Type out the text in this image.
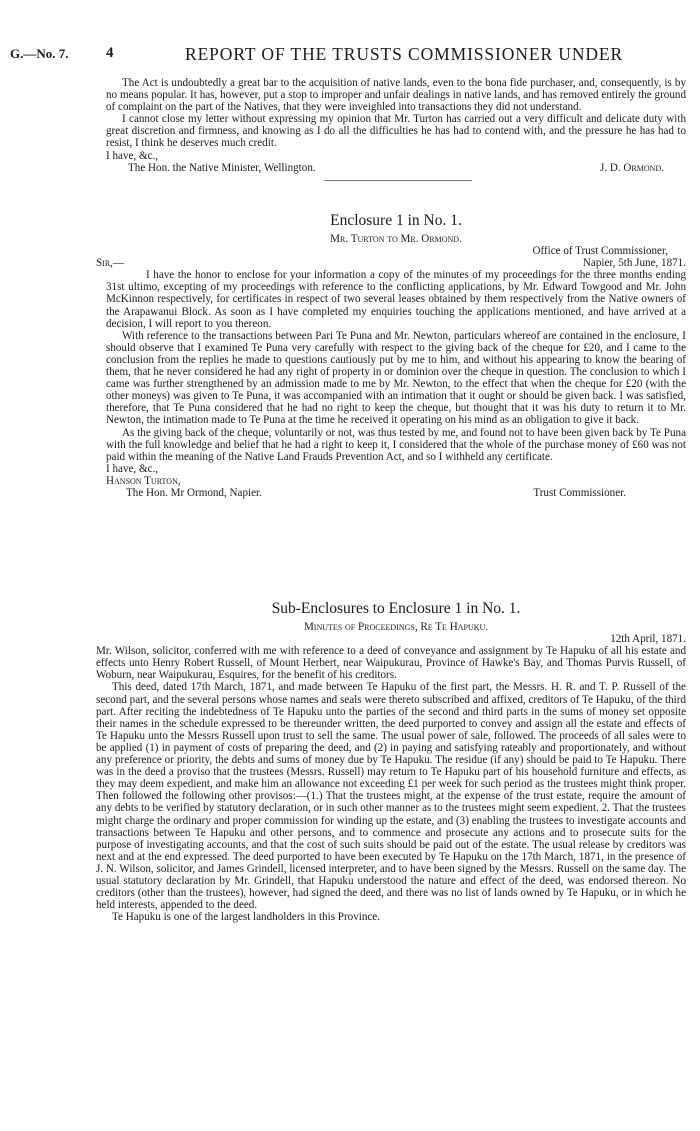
G.—No. 7.	4	REPORT OF THE TRUSTS COMMISSIONER UNDER

The Act is undoubtedly a great bar to the acquisition of native lands, even to the bona fide purchaser, and, consequently, is by no means popular. It has, however, put a stop to improper and unfair dealings in native lands, and has removed entirely the ground of complaint on the part of the Natives, that they were inveighled into transactions they did not understand.

I cannot close my letter without expressing my opinion that Mr. Turton has carried out a very difficult and delicate duty with great discretion and firmness, and knowing as I do all the difficulties he has had to contend with, and the pressure he has had to resist, I think he deserves much credit.

I have, &c.,

The Hon. the Native Minister, Wellington.	J. D. Ormond.
Enclosure 1 in No. 1.
Mr. Turton to Mr. Ormond.

Office of Trust Commissioner,

Sir,—	Napier, 5th June, 1871.

I have the honor to enclose for your information a copy of the minutes of my proceedings for the three months ending 31st ultimo, excepting of my proceedings with reference to the conflicting applications, by Mr. Edward Towgood and Mr. John McKinnon respectively, for certificates in respect of two several leases obtained by them respectively from the Native owners of the Arapawanui Block. As soon as I have completed my enquiries touching the applications mentioned, and have arrived at a decision, I will report to you thereon.

With reference to the transactions between Pari Te Puna and Mr. Newton, particulars whereof are contained in the enclosure, I should observe that I examined Te Puna very carefully with respect to the giving back of the cheque for £20, and I came to the conclusion from the replies he made to questions cautiously put by me to him, and without his appearing to know the bearing of them, that he never considered he had any right of property in or dominion over the cheque in question. The conclusion to which I came was further strengthened by an admission made to me by Mr. Newton, to the effect that when the cheque for £20 (with the other moneys) was given to Te Puna, it was accompanied with an intimation that it ought or should be given back. I was satisfied, therefore, that Te Puna considered that he had no right to keep the cheque, but thought that it was his duty to return it to Mr. Newton, the intimation made to Te Puna at the time he received it operating on his mind as an obligation to give it back.

As the giving back of the cheque, voluntarily or not, was thus tested by me, and found not to have been given back by Te Puna with the full knowledge and belief that he had a right to keep it, I considered that the whole of the purchase money of £60 was not paid within the meaning of the Native Land Frauds Prevention Act, and so I withheld any certificate.

I have, &c.,

Hanson Turton,

The Hon. Mr Ormond, Napier.	Trust Commissioner.
Sub-Enclosures to Enclosure 1 in No. 1.
Minutes of Proceedings, Re Te Hapuku.

12th April, 1871.

Mr. Wilson, solicitor, conferred with me with reference to a deed of conveyance and assignment by Te Hapuku of all his estate and effects unto Henry Robert Russell, of Mount Herbert, near Waipukurau, Province of Hawke's Bay, and Thomas Purvis Russell, of Woburn, near Waipukurau, Esquires, for the benefit of his creditors.

This deed, dated 17th March, 1871, and made between Te Hapuku of the first part, the Messrs. H. R. and T. P. Russell of the second part, and the several persons whose names and seals were thereto subscribed and affixed, creditors of Te Hapuku, of the third part. After reciting the indebtedness of Te Hapuku unto the parties of the second and third parts in the sums of money set opposite their names in the schedule expressed to be thereunder written, the deed purported to convey and assign all the estate and effects of Te Hapuku unto the Messrs Russell upon trust to sell the same. The usual power of sale, followed. The proceeds of all sales were to be applied (1) in payment of costs of preparing the deed, and (2) in paying and satisfying rateably and proportionately, and without any preference or priority, the debts and sums of money due by Te Hapuku. The residue (if any) should be paid to Te Hapuku. There was in the deed a proviso that the trustees (Messrs. Russell) may return to Te Hapuku part of his household furniture and effects, as they may deem expedient, and make him an allowance not exceeding £1 per week for such period as the trustees might think proper. Then followed the following other provisos:—(1.) That the trustees might, at the expense of the trust estate, require the amount of any debts to be verified by statutory declaration, or in such other manner as to the trustees might seem expedient. 2. That the trustees might charge the ordinary and proper commission for winding up the estate, and (3) enabling the trustees to investigate accounts and transactions between Te Hapuku and other persons, and to commence and prosecute any actions and to prosecute suits for the purpose of investigating accounts, and that the cost of such suits should be paid out of the estate. The usual release by creditors was next and at the end expressed. The deed purported to have been executed by Te Hapuku on the 17th March, 1871, in the presence of J. N. Wilson, solicitor, and James Grindell, licensed interpreter, and to have been signed by the Messrs. Russell on the same day. The usual statutory declaration by Mr. Grindell, that Hapuku understood the nature and effect of the deed, was endorsed thereon. No creditors (other than the trustees), however, had signed the deed, and there was no list of lands owned by Te Hapuku, or in which he held interests, appended to the deed.

Te Hapuku is one of the largest landholders in this Province.
